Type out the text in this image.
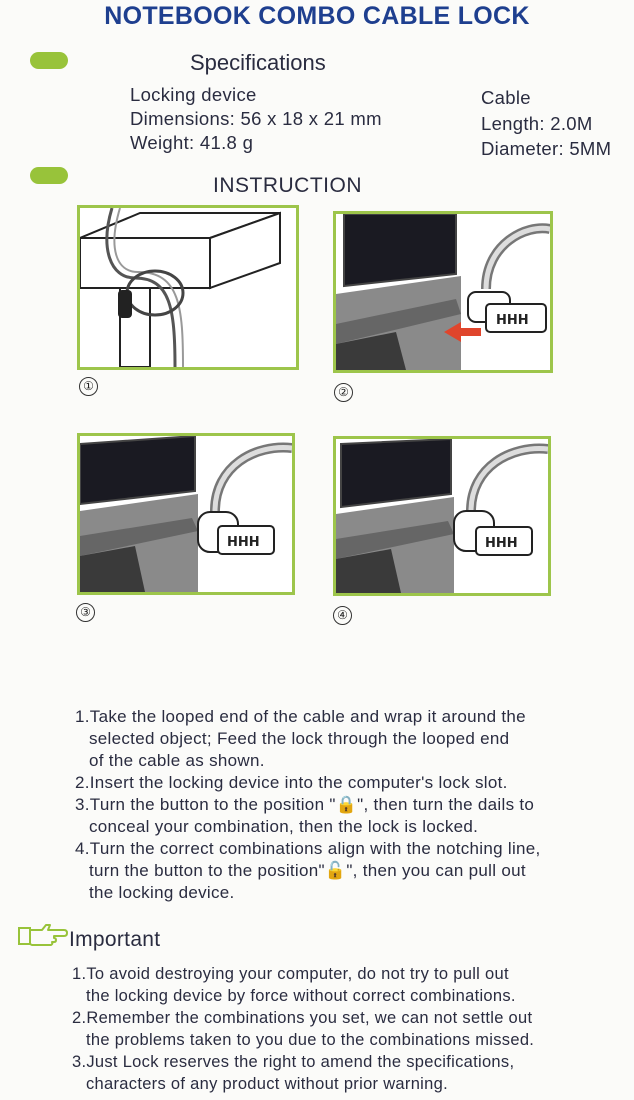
NOTEBOOK COMBO CABLE LOCK
Specifications
Locking device
Dimensions: 56 x 18 x 21 mm
Weight: 41.8 g
Cable
Length: 2.0M
Diameter: 5MM
INSTRUCTION
①
HHH
②
HHH
③
HHH
④
1.Take the looped end of the cable and wrap it around the
selected object; Feed the lock through the looped end
of the cable as shown.
2.Insert the locking device into the computer's lock slot.
3.Turn the button to the position "🔒", then turn the dails to
conceal your combination, then the lock is locked.
4.Turn the correct combinations align with the notching line,
turn the button to the position"🔓", then you can pull out
the locking device.
Important
1.To avoid destroying your computer, do not try to pull out
the locking device by force without correct combinations.
2.Remember the combinations you set, we can not settle out
the problems taken to you due to the combinations missed.
3.Just Lock reserves the right to amend the specifications,
characters of any product without prior warning.
